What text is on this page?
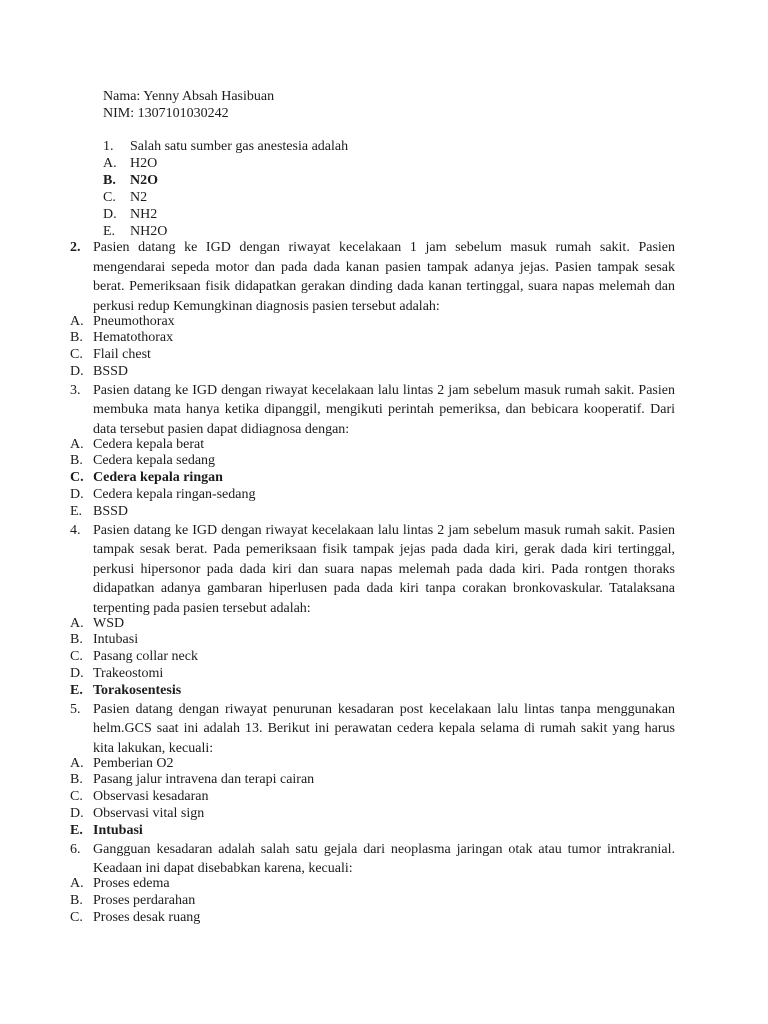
Nama: Yenny Absah Hasibuan
NIM: 1307101030242
1.	Salah satu sumber gas anestesia adalah
A. H2O
B.	N2O
C.	N2
D. NH2
E.	NH2O
2. Pasien datang ke IGD dengan riwayat kecelakaan 1 jam sebelum masuk rumah sakit. Pasien mengendarai sepeda motor dan pada dada kanan pasien tampak adanya jejas. Pasien tampak sesak berat. Pemeriksaan fisik didapatkan gerakan dinding dada kanan tertinggal, suara napas melemah dan perkusi redup Kemungkinan diagnosis pasien tersebut adalah:
A. Pneumothorax
B. Hematothorax
C. Flail chest
D. BSSD
3. Pasien datang ke IGD dengan riwayat kecelakaan lalu lintas 2 jam sebelum masuk rumah sakit. Pasien membuka mata hanya ketika dipanggil, mengikuti perintah pemeriksa, dan bebicara kooperatif. Dari data tersebut pasien dapat didiagnosa dengan:
A. Cedera kepala berat
B. Cedera kepala sedang
C. Cedera kepala ringan
D. Cedera kepala ringan-sedang
E. BSSD
4. Pasien datang ke IGD dengan riwayat kecelakaan lalu lintas 2 jam sebelum masuk rumah sakit. Pasien tampak sesak berat. Pada pemeriksaan fisik tampak jejas pada dada kiri, gerak dada kiri tertinggal, perkusi hipersonor pada dada kiri dan suara napas melemah pada dada kiri. Pada rontgen thoraks didapatkan adanya gambaran hiperlusen pada dada kiri tanpa corakan bronkovaskular. Tatalaksana terpenting pada pasien tersebut adalah:
A. WSD
B. Intubasi
C. Pasang collar neck
D. Trakeostomi
E. Torakosentesis
5. Pasien datang dengan riwayat penurunan kesadaran post kecelakaan lalu lintas tanpa menggunakan helm.GCS saat ini adalah 13. Berikut ini perawatan cedera kepala selama di rumah sakit yang harus kita lakukan, kecuali:
A. Pemberian O2
B. Pasang jalur intravena dan terapi cairan
C. Observasi kesadaran
D. Observasi vital sign
E. Intubasi
6. Gangguan kesadaran adalah salah satu gejala dari neoplasma jaringan otak atau tumor intrakranial. Keadaan ini dapat disebabkan karena, kecuali:
A. Proses edema
B. Proses perdarahan
C. Proses desak ruang
